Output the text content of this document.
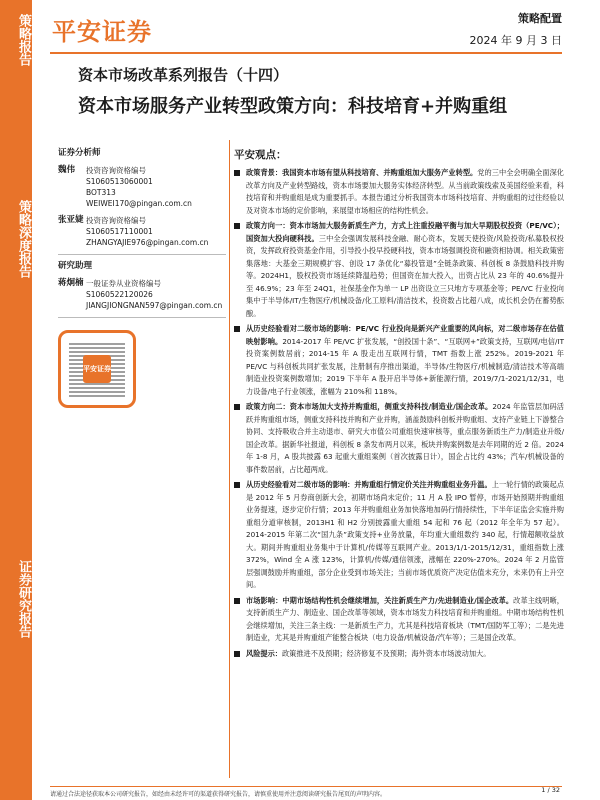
策略报告
策略深度报告
证券研究报告
平安证券	策略配置
2024 年 9 月 3 日
资本市场改革系列报告（十四）
资本市场服务产业转型政策方向：科技培育+并购重组
证券分析师
魏伟	投资咨询资格编号
S1060513060001
BOT313
WEIWEI170@pingan.com.cn
张亚婕 投资咨询资格编号
S1060517110001
ZHANGYAJIE976@pingan.com.cn
研究助理
蒋炯楠 一般证券从业资格编号
S1060522120026
JIANGJIONGNAN597@pingan.com.cn
平安证券
平安观点：
政策背景：我国资本市场有望从科技培育、并购重组加大服务产业转型。党的三中全会明确全面深化改革方向及产业转型路线，资本市场要加大服务实体经济转型。从当前政策线索及美国经验来看，科技培育和并购重组是成为重要抓手。本报告通过分析我国资本市场科技培育、并购重组的过往经验以及对资本市场的定价影响，来展望市场相应的结构性机会。
政策方向一：资本市场加大服务新质生产力，方式上注重投融平衡与加大早期股权投资（PE/VC）；国资加大投向硬科技。三中全会强调发展科技金融、耐心资本，发展天使投资/风险投资/私募股权投资，发挥政府投资基金作用，引导投小投早投硬科技，资本市场强调投资和融资相协调。相关政策密集落地：大基金三期规模扩容、创设 17 条优化“募投管退”全链条政策、科创板 8 条鼓励科技并购等。2024H1，股权投资市场延续降温趋势；但国资在加大投入，出资占比从 23 年的 40.6%提升至 46.9%；23 年至 24Q1，社保基金作为单一 LP 出资设立三只地方专项基金等；PE/VC 行业投向集中于半导体/IT/生物医疗/机械设备/化工原料/清洁技术，投资数占比超八成，成长机会仍在蓄势酝酿。
从历史经验看对二级市场的影响：PE/VC 行业投向是新兴产业重要的风向标，对二级市场存在估值映射影响。2014-2017 年 PE/VC 扩张发展，“创投国十条”、“互联网+”政策支持，互联网/电信/IT 投资案例数居前；2014-15 年 A 股走出互联网行情，TMT 指数上涨 252%。2019-2021 年 PE/VC 与科创板共同扩张发展，注册制有序推出渠道，半导体/生物医疗/机械制造/清洁技术等高端制造业投资案例数增加；2019 下半年 A 股开启半导体+新能源行情，2019/7/1-2021/12/31，电力设备/电子行业领涨，涨幅为 210%和 118%。
政策方向二：资本市场加大支持并购重组，侧重支持科技/制造业/国企改革。2024 年监管层加码活跃并购重组市场，侧重支持科技并购和产业并购，涵盖鼓励科创板并购重组、支持产业链上下游整合协同、支持吸收合并主动退市、研究大市值公司重组快速审核等，重点服务新质生产力/制造业升级/国企改革。据新华社报道，科创板 8 条发布两月以来，板块并购案例数是去年同期的近 2 倍。2024 年 1-8 月，A 股共披露 63 起重大重组案例（首次披露日计），国企占比约 43%；汽车/机械设备的事件数居前，占比超两成。
从历史经验看对二级市场的影响：并购重组行情定价关注并购重组业务升温。上一轮行情的政策起点是 2012 年 5 月券商创新大会，初期市场尚未定价；11 月 A 股 IPO 暂停，市场开始预期并购重组业务提速，逐步定价行情；2013 年并购重组业务加快落地加码行情持续性，下半年证监会实施并购重组分道审核制，2013H1 和 H2 分别披露重大重组 54 起和 76 起（2012 年全年为 57 起）。2014-2015 年第二次“国九条”政策支持+业务放量，年均重大重组数约 340 起，行情超额收益放大。期间并购重组业务集中于计算机/传媒等互联网产业。2013/1/1-2015/12/31，重组指数上涨 372%，Wind 全 A 涨 123%，计算机/传媒/通信领涨，涨幅在 220%-270%。2024 年 2 月监管层强调鼓励并购重组，部分企业受到市场关注；当前市场优质资产决定估值未充分，未来仍有上升空间。
市场影响：中期市场结构性机会继续增加，关注新质生产力/先进制造业/国企改革。改革主线明晰，支持新质生产力、制造业、国企改革等领域，资本市场发力科技培育和并购重组。中期市场结构性机会继续增加，关注三条主线：一是新质生产力，尤其是科技培育板块（TMT/国防军工等）；二是先进制造业，尤其是并购重组产能整合板块（电力设备/机械设备/汽车等）；三是国企改革。
风险提示：政策推进不及预期；经济修复不及预期；海外资本市场波动加大。
请通过合法途径获取本公司研究报告，如经由未经许可的渠道获得研究报告，请慎重使用并注意阅读研究报告尾页的声明内容。
1 / 32
